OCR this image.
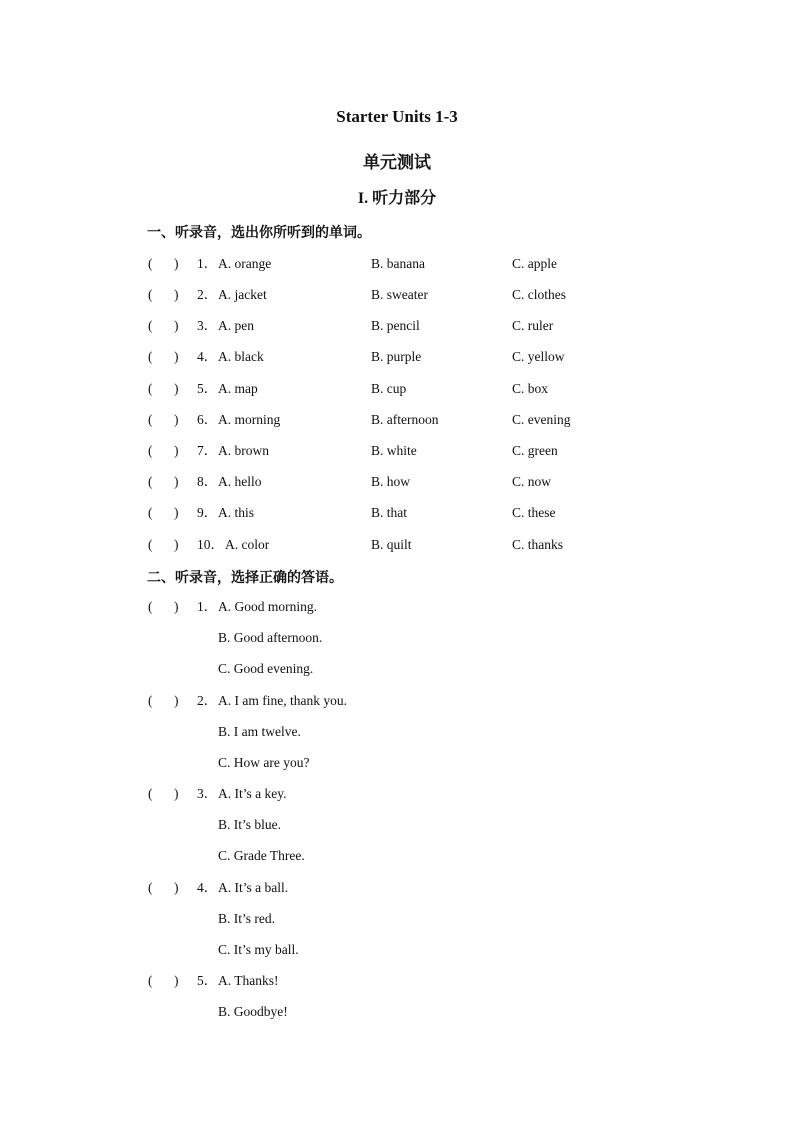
Starter Units 1-3
单元测试
I. 听力部分
一、听录音，选出你所听到的单词。
( ) 1． A. orange	B. banana	C. apple
( ) 2． A. jacket	B. sweater	C. clothes
( ) 3． A. pen	B. pencil	C. ruler
( ) 4． A. black	B. purple	C. yellow
( ) 5． A. map	B. cup	C. box
( ) 6． A. morning	B. afternoon	C. evening
( ) 7． A. brown	B. white	C. green
( ) 8． A. hello	B. how	C. now
( ) 9． A. this	B. that	C. these
( ) 10． A. color	B. quilt	C. thanks
二、听录音，选择正确的答语。
( ) 1． A. Good morning.
B. Good afternoon.
C. Good evening.
( ) 2． A. I am fine, thank you.
B. I am twelve.
C. How are you?
( ) 3． A. It’s a key.
B. It’s blue.
C. Grade Three.
( ) 4． A. It’s a ball.
B. It’s red.
C. It’s my ball.
( ) 5． A. Thanks!
B. Goodbye!
